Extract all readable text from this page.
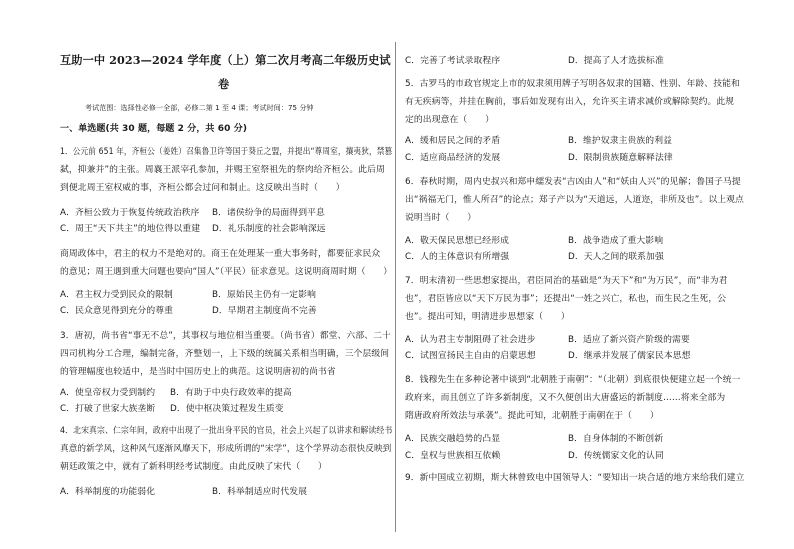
互助一中 2023—2024 学年度（上）第二次月考高二年级历史试
卷
考试范围：选择性必修一全部，必修二第 1 至 4 课；考试时间：75 分钟
一、单选题(共 30 题，每题 2 分，共 60 分)
1．公元前 651 年，齐桓公（姜姓）召集鲁卫许等国于葵丘之盟，并提出“尊周室，攘夷狄，禁篡
弑，抑兼并”的主张。周襄王派宰孔参加，并赐王室祭祖先的祭肉给齐桓公。此后周
到便北周王室权威的事，齐桓公都会过问和制止。这反映出当时（　　）
A．齐桓公致力于恢复传统政治秩序 B．诸侯纷争的局面得到平息
C．周王“天下共主”的地位得以重建 D．礼乐制度的社会影响深远
商周政体中，君主的权力不是绝对的。商王在处理某一重大事务时，都要征求民众
的意见；周王遇到重大问题也要向“国人”（平民）征求意见。这说明商周时期（　　）
A．君主权力受到民众的限制	B．原始民主仍有一定影响
C．民众意见得到充分的尊重	D．早期君主制度尚不完善
3．唐初，尚书省“事无不总”，其事权与地位相当重要。（尚书省）都堂、六部、二十
四司机构分工合理，编制完备，齐整划一，上下级的统属关系相当明确，三个层级间
的管理幅度也较适中，是当时中国历史上的典范。这说明唐初的尚书省
A．使皇帝权力受到制约 B．有助于中央行政效率的提高
C．打破了世家大族垄断 D．使中枢决策过程发生质变
4．北宋真宗、仁宗年间，政府中出现了一批出身平民的官员，社会上兴起了以讲求和解读经书
真意的新学风，这种风气逐渐风靡天下，形成所谓的“宋学”，这个学界动态很快反映到
朝廷政策之中，就有了新科明经考试制度。由此反映了宋代（　　）
A．科举制度的功能弱化	B．科举制适应时代发展
C．完善了考试录取程序	D．提高了人才选拔标准
5．古罗马的市政官规定上市的奴隶须用牌子写明各奴隶的国籍、性别、年龄、技能和
有无疾病等，并挂在胸前，事后如发现有出入，允许买主请求减价或解除契约。此规
定的出现意在（　　）
A．缓和居民之间的矛盾	B．维护奴隶主贵族的利益
C．适应商品经济的发展	D．限制贵族随意解释法律
6．春秋时期，周内史叔兴和郑申繻发表“吉凶由人”和“妖由人兴”的见解；鲁国子马提
出“祸福无门，惟人所召”的论点；郑子产以为“天道远，人道迩，非所及也”。以上观点
说明当时（　　）
A．敬天保民思想已经形成	B．战争造成了重大影响
C．人的主体意识有所增强	D．天人之间的联系加强
7．明末清初一些思想家提出，君臣同治的基础是“为天下”和“为万民”，而“非为君
也”，君臣皆应以“天下万民为事”；还提出“一姓之兴亡，私也，而生民之生死，公
也”。提出可知，明清进步思想家（　　）
A．认为君主专制阻碍了社会进步	B．适应了新兴资产阶级的需要
C．试图宣扬民主自由的启蒙思想	D．继承并发展了儒家民本思想
8．钱穆先生在多种论著中谈到“北朝胜于南朝”：“（北朝）到底很快便建立起一个统一
政府来，而且创立了许多新制度，又不久便创出大唐盛运的新制度……将来全部为
隋唐政府所效法与承袭”。提此可知，北朝胜于南朝在于（　　）
A．民族交融趋势的凸显	B．自身体制的不断创新
C．皇权与世族相互依赖	D．传统儒家文化的认同
9．新中国成立初期，斯大林曾致电中国领导人：“要知出一块合适的地方来给我们建立
